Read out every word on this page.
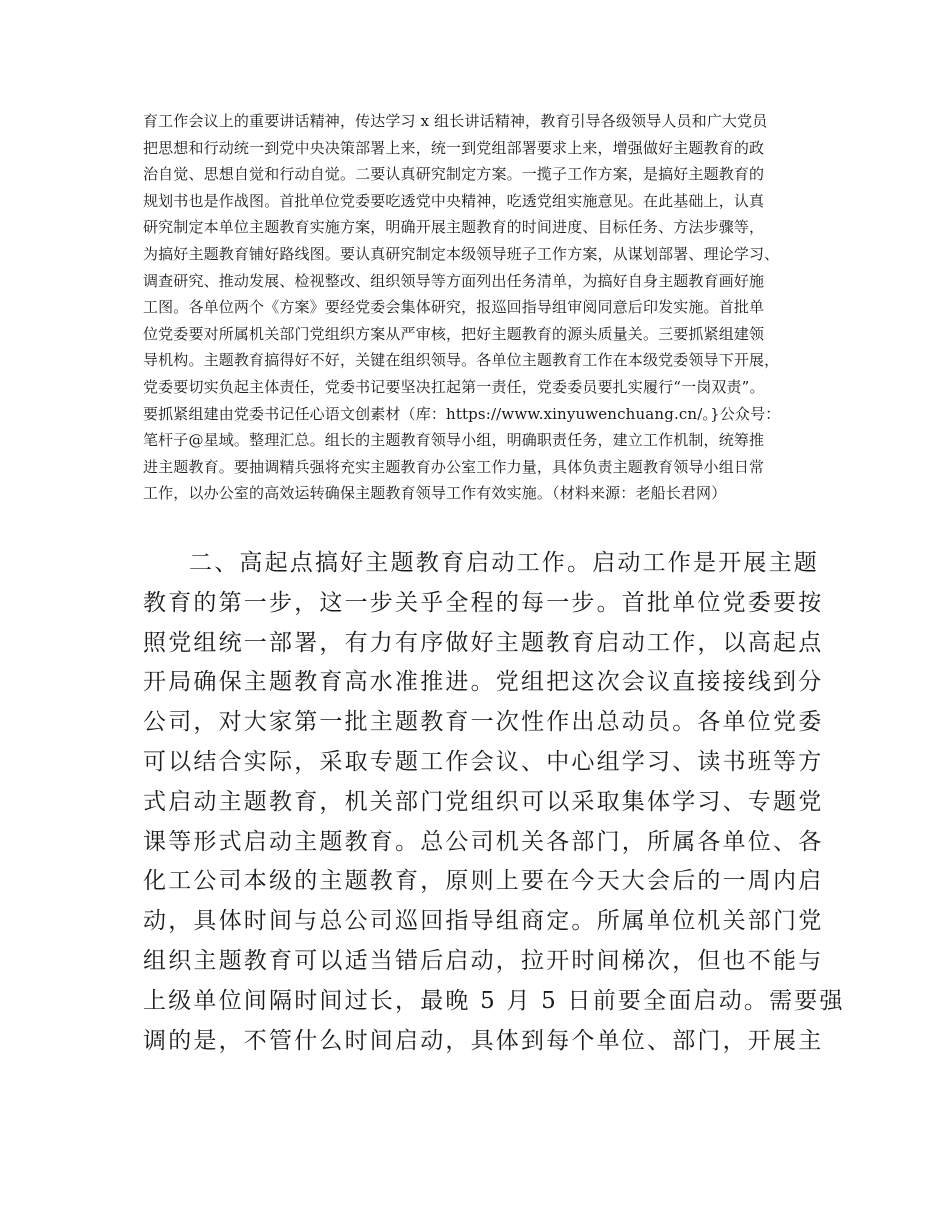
育工作会议上的重要讲话精神，传达学习 x 组长讲话精神，教育引导各级领导人员和广大党员
把思想和行动统一到党中央决策部署上来，统一到党组部署要求上来，增强做好主题教育的政
治自觉、思想自觉和行动自觉。二要认真研究制定方案。一揽子工作方案，是搞好主题教育的
规划书也是作战图。首批单位党委要吃透党中央精神，吃透党组实施意见。在此基础上，认真
研究制定本单位主题教育实施方案，明确开展主题教育的时间进度、目标任务、方法步骤等，
为搞好主题教育铺好路线图。要认真研究制定本级领导班子工作方案，从谋划部署、理论学习、
调查研究、推动发展、检视整改、组织领导等方面列出任务清单，为搞好自身主题教育画好施
工图。各单位两个《方案》要经党委会集体研究，报巡回指导组审阅同意后印发实施。首批单
位党委要对所属机关部门党组织方案从严审核，把好主题教育的源头质量关。三要抓紧组建领
导机构。主题教育搞得好不好，关键在组织领导。各单位主题教育工作在本级党委领导下开展，
党委要切实负起主体责任，党委书记要坚决扛起第一责任，党委委员要扎实履行“一岗双责”。
要抓紧组建由党委书记任心语文创素材（库：https://www.xinyuwenchuang.cn/。}公众号：
笔杆子@星域。整理汇总。组长的主题教育领导小组，明确职责任务，建立工作机制，统筹推
进主题教育。要抽调精兵强将充实主题教育办公室工作力量，具体负责主题教育领导小组日常
工作，以办公室的高效运转确保主题教育领导工作有效实施。（材料来源：老船长君网）
二、高起点搞好主题教育启动工作。启动工作是开展主题
教育的第一步，这一步关乎全程的每一步。首批单位党委要按
照党组统一部署，有力有序做好主题教育启动工作，以高起点
开局确保主题教育高水准推进。党组把这次会议直接接线到分
公司，对大家第一批主题教育一次性作出总动员。各单位党委
可以结合实际，采取专题工作会议、中心组学习、读书班等方
式启动主题教育，机关部门党组织可以采取集体学习、专题党
课等形式启动主题教育。总公司机关各部门，所属各单位、各
化工公司本级的主题教育，原则上要在今天大会后的一周内启
动，具体时间与总公司巡回指导组商定。所属单位机关部门党
组织主题教育可以适当错后启动，拉开时间梯次，但也不能与
上级单位间隔时间过长，最晚 5 月 5 日前要全面启动。需要强
调的是，不管什么时间启动，具体到每个单位、部门，开展主
